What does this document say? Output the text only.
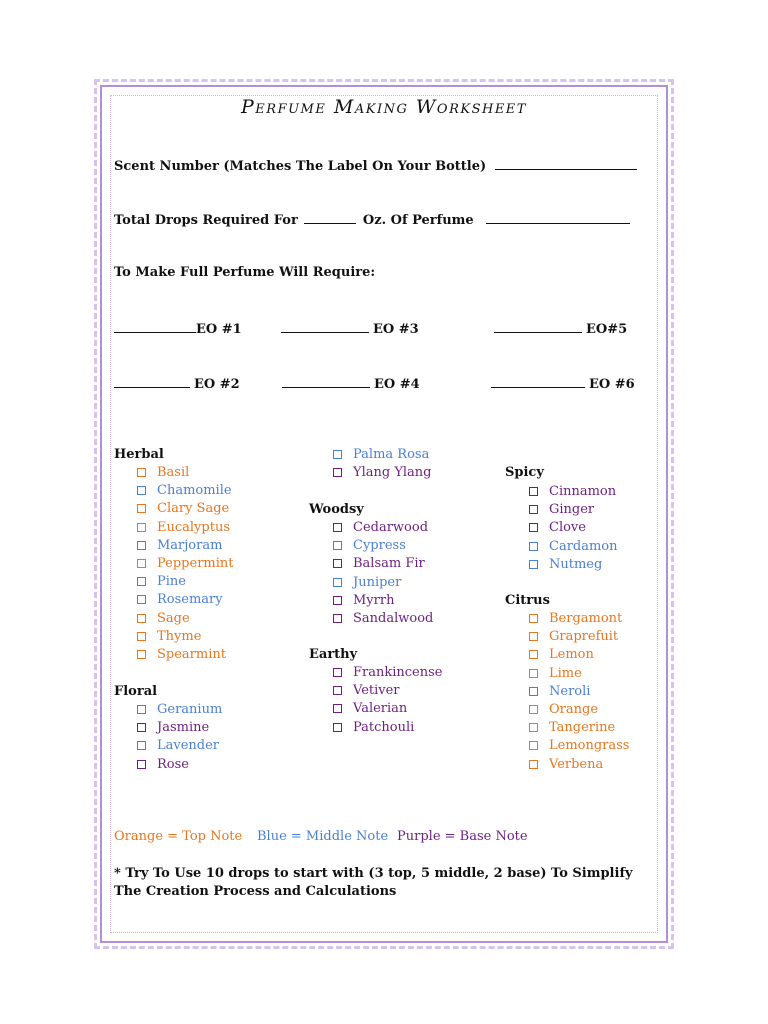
Perfume Making Worksheet
Scent Number (Matches The Label On Your Bottle)
Total Drops Required For	Oz. Of Perfume
To Make Full Perfume Will Require:
EO #1	EO #3	EO#5
EO #2	EO #4	EO #6
Herbal
Floral
Woodsy
Earthy
Spicy
Citrus
Basil
Chamomile
Clary Sage
Eucalyptus
Marjoram
Peppermint
Pine
Rosemary
Sage
Thyme
Spearmint
Geranium
Jasmine
Lavender
Rose
Palma Rosa
Ylang Ylang
Cedarwood
Cypress
Balsam Fir
Juniper
Myrrh
Sandalwood
Frankincense
Vetiver
Valerian
Patchouli
Cinnamon
Ginger
Clove
Cardamon
Nutmeg
Bergamont
Graprefuit
Lemon
Lime
Neroli
Orange
Tangerine
Lemongrass
Verbena
Orange = Top Note Blue = Middle Note Purple = Base Note
* Try To Use 10 drops to start with (3 top, 5 middle, 2 base) To Simplify The Creation Process and Calculations
